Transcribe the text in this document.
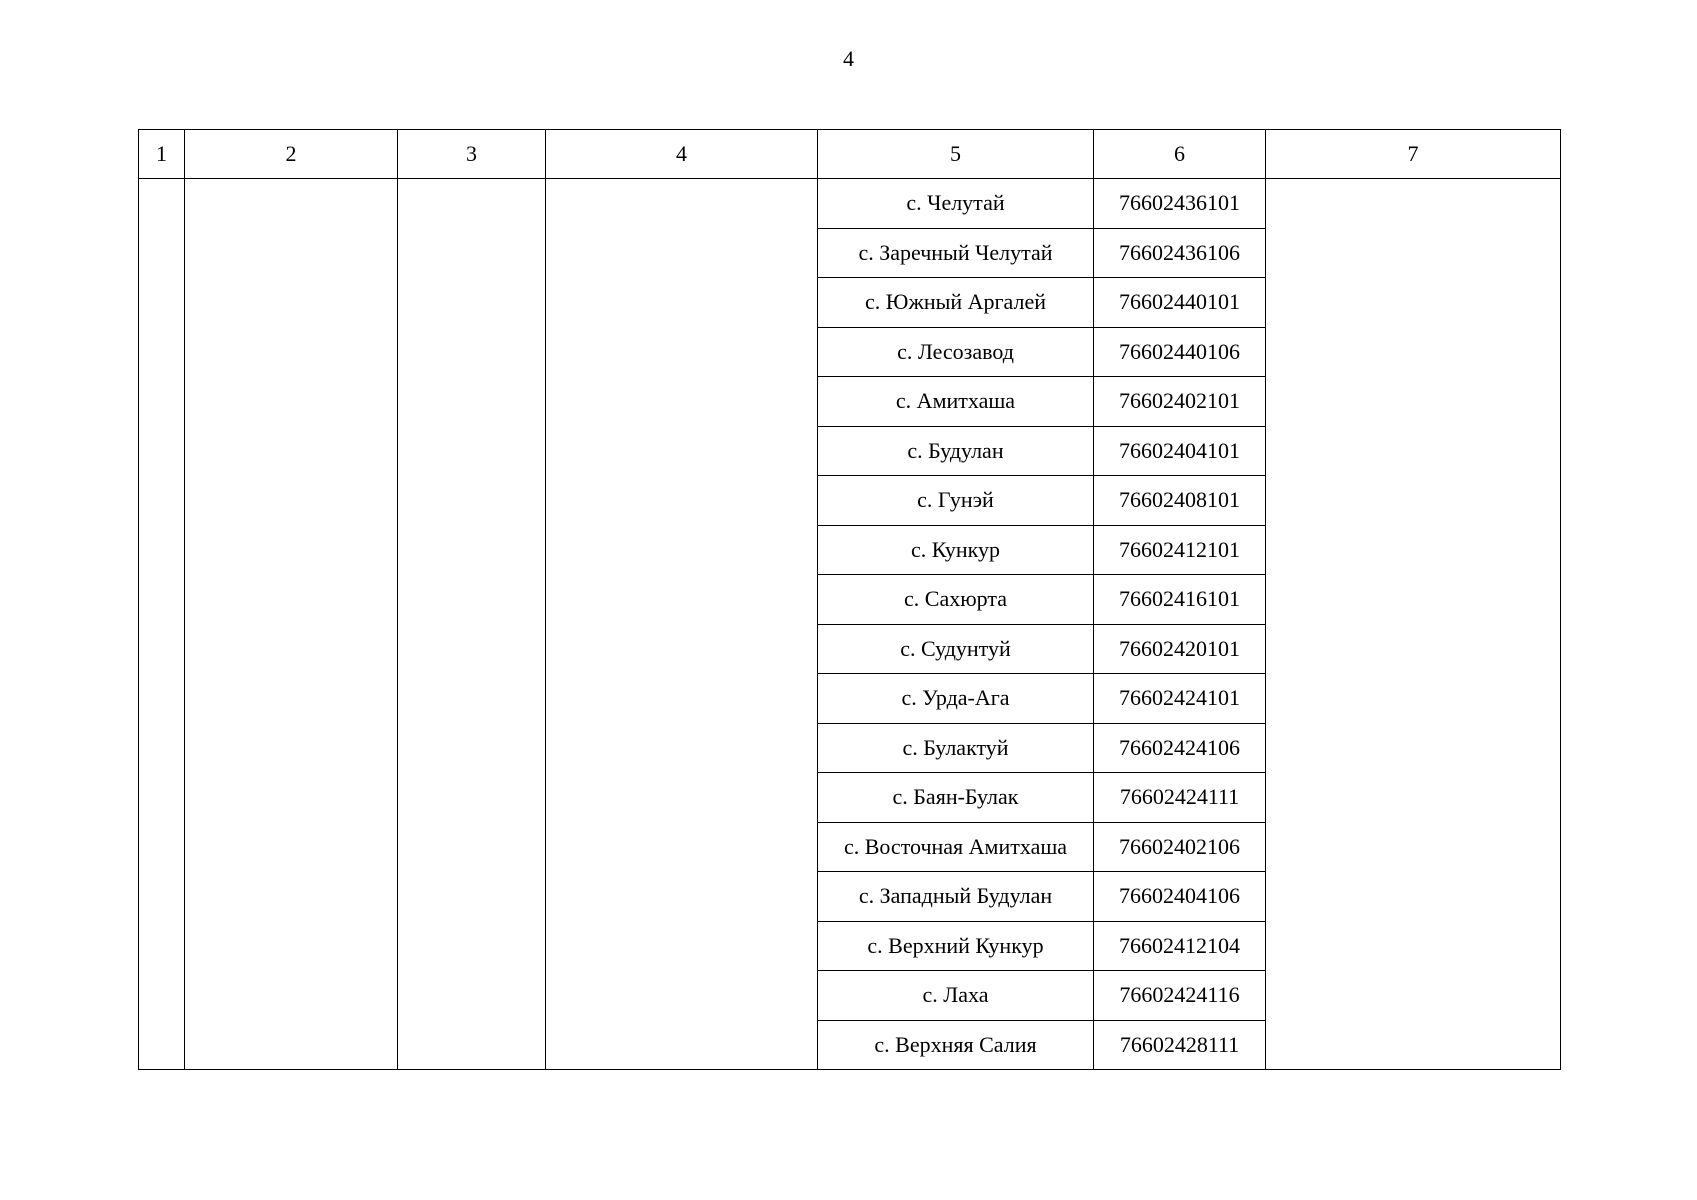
4
1	2	3	4	5	6	7
				с. Челутай	76602436101	
				с. Заречный Челутай	76602436106	
				с. Южный Аргалей	76602440101	
				с. Лесозавод	76602440106	
				с. Амитхаша	76602402101	
				с. Будулан	76602404101	
				с. Гунэй	76602408101	
				с. Кункур	76602412101	
				с. Сахюрта	76602416101	
				с. Судунтуй	76602420101	
				с. Урда-Ага	76602424101	
				с. Булактуй	76602424106	
				с. Баян-Булак	76602424111	
				с. Восточная Амитхаша	76602402106	
				с. Западный Будулан	76602404106	
				с. Верхний Кункур	76602412104	
				с. Лаха	76602424116	
				с. Верхняя Салия	76602428111	
